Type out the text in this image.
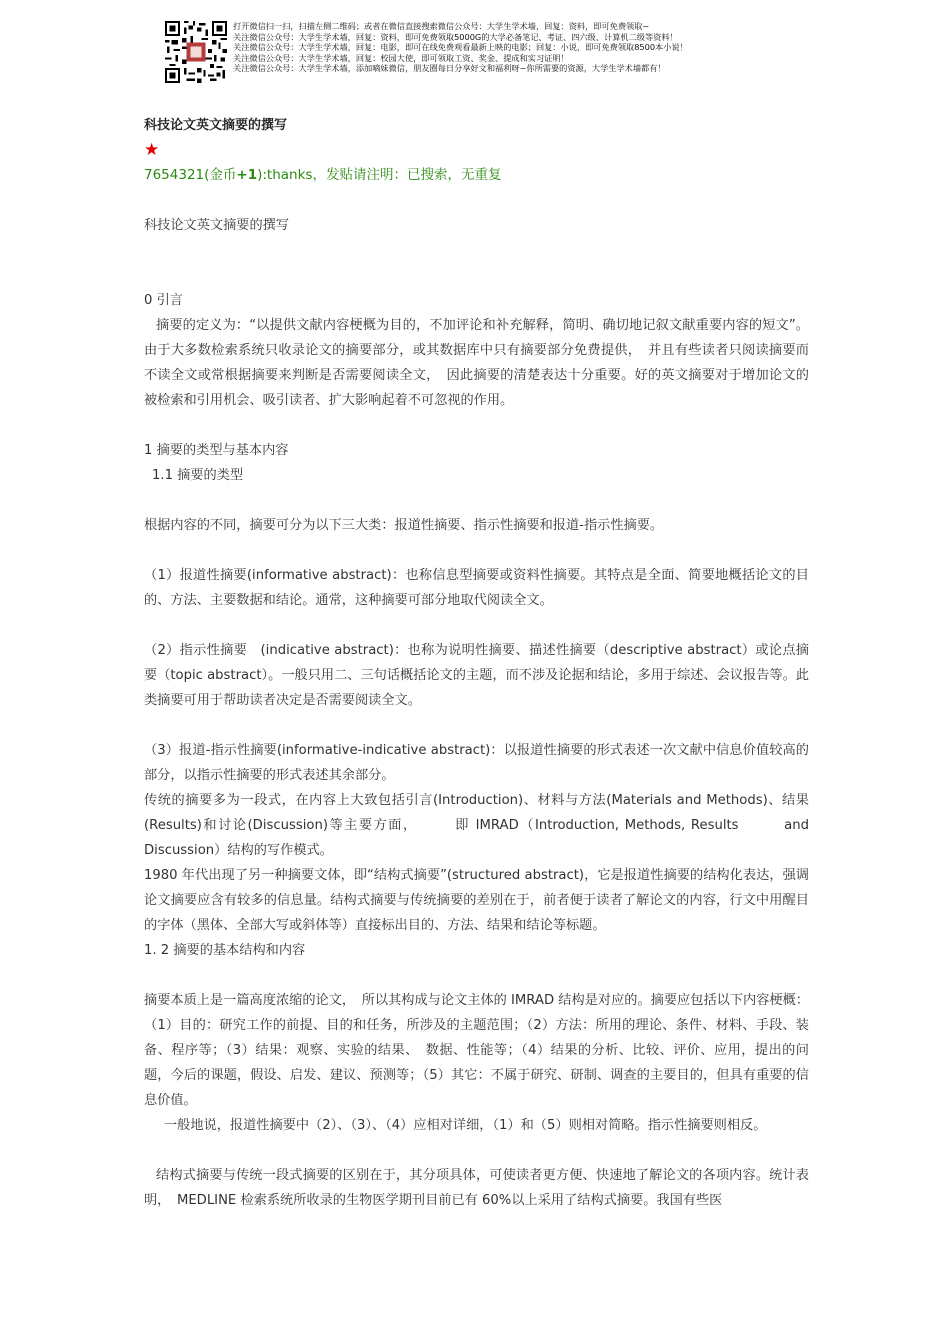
打开微信扫一扫，扫描左侧二维码；或者在微信直接搜索微信公众号：大学生学术墙，回复：资料，即可免费领取~
关注微信公众号：大学生学术墙，回复：资料，即可免费领取5000G的大学必备笔记、考证、四六级、计算机二级等资料！
关注微信公众号：大学生学术墙，回复：电影，即可在线免费观看最新上映的电影；回复：小说，即可免费领取8500本小说！
关注微信公众号：大学生学术墙，回复：校园大使，即可领取工资、奖金、提成和实习证明！
关注微信公众号：大学生学术墙，添加嘀妹微信，朋友圈每日分享好文和福利呀~你所需要的资源，大学生学术墙都有！
科技论文英文摘要的撰写
★
7654321(金币+1):thanks，发贴请注明：已搜索，无重复

科技论文英文摘要的撰写

0 引言

摘要的定义为：“以提供文献内容梗概为目的，不加评论和补充解释，简明、确切地记叙文献重要内容的短文”。由于大多数检索系统只收录论文的摘要部分，或其数据库中只有摘要部分免费提供，　并且有些读者只阅读摘要而不读全文或常根据摘要来判断是否需要阅读全文，　因此摘要的清楚表达十分重要。好的英文摘要对于增加论文的被检索和引用机会、吸引读者、扩大影响起着不可忽视的作用。

1 摘要的类型与基本内容

1.1 摘要的类型

根据内容的不同，摘要可分为以下三大类：报道性摘要、指示性摘要和报道-指示性摘要。

（1）报道性摘要(informative abstract)：也称信息型摘要或资料性摘要。其特点是全面、简要地概括论文的目的、方法、主要数据和结论。通常，这种摘要可部分地取代阅读全文。

（2）指示性摘要　(indicative abstract)：也称为说明性摘要、描述性摘要（descriptive abstract）或论点摘要（topic abstract）。一般只用二、三句话概括论文的主题，而不涉及论据和结论，多用于综述、会议报告等。此类摘要可用于帮助读者决定是否需要阅读全文。

（3）报道-指示性摘要(informative-indicative abstract)：以报道性摘要的形式表述一次文献中信息价值较高的部分，以指示性摘要的形式表述其余部分。

传统的摘要多为一段式，在内容上大致包括引言(Introduction)、材料与方法(Materials and Methods)、结果(Results)和讨论(Discussion)等主要方面，　　　即 IMRAD（Introduction, Methods, Results　　　and Discussion）结构的写作模式。

1980 年代出现了另一种摘要文体，即“结构式摘要”(structured abstract)，它是报道性摘要的结构化表达，强调论文摘要应含有较多的信息量。结构式摘要与传统摘要的差别在于，前者便于读者了解论文的内容，行文中用醒目的字体（黑体、全部大写或斜体等）直接标出目的、方法、结果和结论等标题。

1. 2 摘要的基本结构和内容

摘要本质上是一篇高度浓缩的论文，　所以其构成与论文主体的 IMRAD 结构是对应的。摘要应包括以下内容梗概：（1）目的：研究工作的前提、目的和任务，所涉及的主题范围；（2）方法：所用的理论、条件、材料、手段、装备、程序等；（3）结果：观察、实验的结果、　数据、性能等；（4）结果的分析、比较、评价、应用，提出的问题，今后的课题，假设、启发、建议、预测等；（5）其它：不属于研究、研制、调查的主要目的，但具有重要的信息价值。

一般地说，报道性摘要中（2）、（3）、（4）应相对详细，（1）和（5）则相对简略。指示性摘要则相反。

结构式摘要与传统一段式摘要的区别在于，其分项具体，可使读者更方便、快速地了解论文的各项内容。统计表明，　MEDLINE 检索系统所收录的生物医学期刊目前已有 60%以上采用了结构式摘要。我国有些医
